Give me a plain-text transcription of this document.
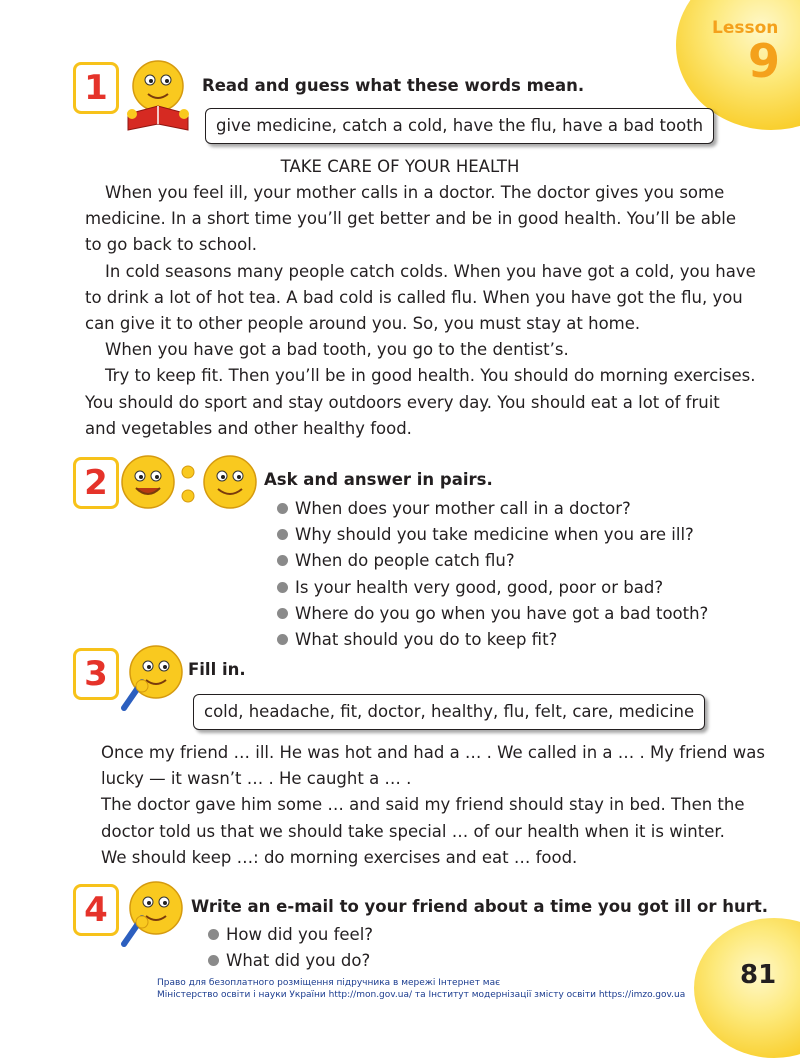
Lesson
9
1	Read and guess what these words mean.
give medicine, catch a cold, have the flu, have a bad tooth
TAKE CARE OF YOUR HEALTH

When you feel ill, your mother calls in a doctor. The doctor gives you some

medicine. In a short time you’ll get better and be in good health. You’ll be able

to go back to school.

In cold seasons many people catch colds. When you have got a cold, you have

to drink a lot of hot tea. A bad cold is called flu. When you have got the flu, you

can give it to other people around you. So, you must stay at home.

When you have got a bad tooth, you go to the dentist’s.

Try to keep fit. Then you’ll be in good health. You should do morning exercises.

You should do sport and stay outdoors every day. You should eat a lot of fruit

and vegetables and other healthy food.

2	Ask and answer in pairs.
When does your mother call in a doctor?
Why should you take medicine when you are ill?
When do people catch flu?
Is your health very good, good, poor or bad?
Where do you go when you have got a bad tooth?
What should you do to keep fit?
3	Fill in.
cold, headache, fit, doctor, healthy, flu, felt, care, medicine

Once my friend … ill. He was hot and had a … . We called in a … . My friend was

lucky — it wasn’t … . He caught a … .

The doctor gave him some … and said my friend should stay in bed. Then the

doctor told us that we should take special … of our health when it is winter.

We should keep …: do morning exercises and eat … food.

4	Write an e-mail to your friend about a time you got ill or hurt.
How did you feel?
What did you do?	81
Право для безоплатного розміщення підручника в мережі Інтернет має
Міністерство освіти і науки України http://mon.gov.ua/ та Інститут модернізації змісту освіти https://imzo.gov.ua
